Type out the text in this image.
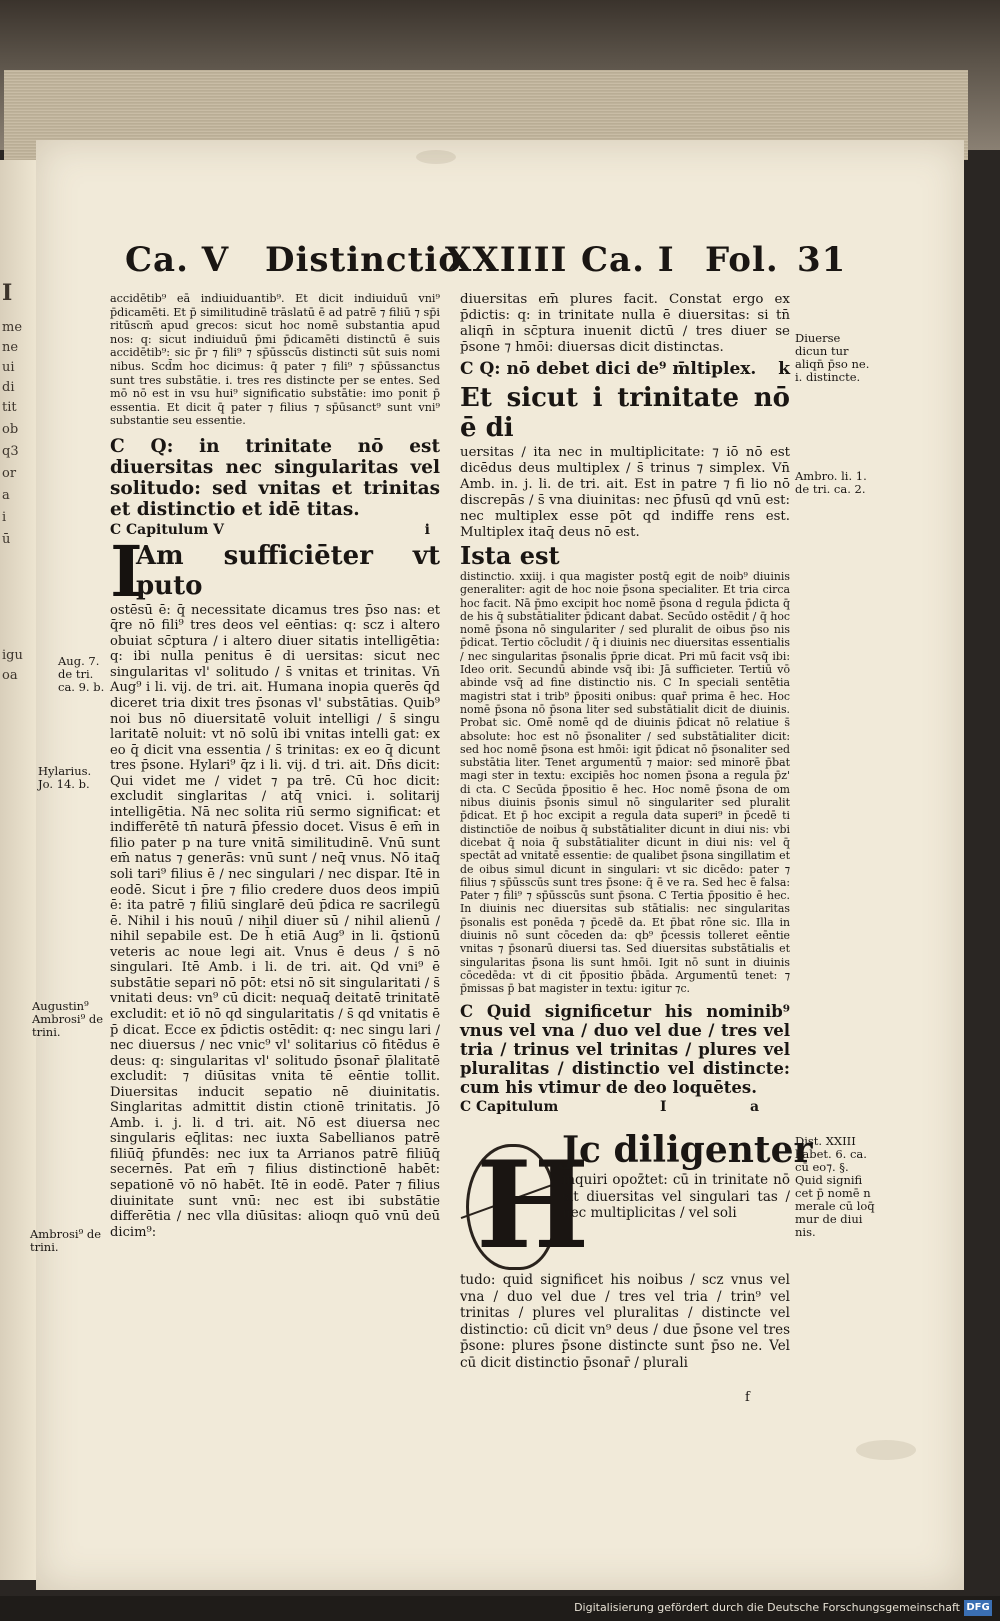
Ca. V Distinctio
XXIIII Ca. I Fol. 31

accidētib⁹ eā indiuiduantib⁹. Et dicit indiuiduū vni⁹ p̄dicamēti. Et p̄ similitudinē trāslatū ē ad patrē ⁊ filiū ⁊ sp̄i ritūscm̄ apud grecos: sicut hoc nomē substantia apud nos: q: sicut indiuiduū p̄mi p̄dicamēti distinctū ē suis accidētib⁹: sic p̄r ⁊ fili⁹ ⁊ sp̄ūsscūs distincti sūt suis nomi nibus. Scd̄m hoc dicimus: q̄ pater ⁊ fili⁹ ⁊ sp̄ūssanctus sunt tres substātie. i. tres res distincte per se entes. Sed mō nō est in vsu hui⁹ significatio substātie: imo ponit p̄ essentia. Et dicit q̄ pater ⁊ filius ⁊ sp̄ūsanct⁹ sunt vni⁹ substantie seu essentie.

C Q: in trinitate nō est diuersitas nec singularitas vel solitudo: sed vnitas et trinitas et distinctio et idē titas.
C Capitulum V	i
I
Am sufficiēter vt puto

ostēsū ē: q̄ necessitate dicamus tres p̄so nas: et q̄re nō fili⁹ tres deos vel eēntias: q: scz i altero obuiat sc̄ptura / i altero diuer sitatis intelligētia: q: ibi nulla penitus ē di uersitas: sicut nec singularitas vl' solitudo / s̄ vnitas et trinitas. Vn̄ Aug⁹ i li. vij. de tri. ait. Humana inopia querēs q̄d diceret tria dixit tres p̄sonas vl' substātias. Quib⁹ noi bus nō diuersitatē voluit intelligi / s̄ singu laritatē noluit: vt nō solū ibi vnitas intelli gat: ex eo q̄ dicit vna essentia / s̄ trinitas: ex eo q̄ dicunt tres p̄sone. Hylari⁹ q̄z i li. vij. d tri. ait. Dn̄s dicit: Qui videt me / videt ⁊ pa trē. Cū hoc dicit: excludit singlaritas / atq̄ vnici. i. solitarij intelligētia. Nā nec solita riū sermo significat: et indifferētē tn̄ naturā p̄fessio docet. Visus ē em̄ in filio pater p na ture vnitā similitudinē. Vnū sunt em̄ natus ⁊ generās: vnū sunt / neq̄ vnus. Nō itaq̄ soli tari⁹ filius ē / nec singulari / nec dispar. Itē in eodē. Sicut i p̄re ⁊ filio credere duos deos impiū ē: ita patrē ⁊ filiū singlarē deū p̄dica re sacrilegū ē. Nihil i his nouū / nihil diuer sū / nihil alienū / nihil sepabile est. De h̄ etiā Aug⁹ in li. q̄stionū veteris ac noue legi ait. Vnus ē deus / s̄ nō singulari. Itē Amb. i li. de tri. ait. Qd vni⁹ ē substātie separi nō pōt: etsi nō sit singularitati / s̄ vnitati deus: vn⁹ cū dicit: nequaq̄ deitatē trinitatē excludit: et iō nō qd singularitatis / s̄ qd vnitatis ē p̄ dicat. Ecce ex p̄dictis ostēdit: q: nec singu lari / nec diuersus / nec vnic⁹ vl' solitarius cō fitēdus ē deus: q: singularitas vl' solitudo p̄sonar̄ p̄lalitatē excludit: ⁊ diūsitas vnita tē eēntie tollit. Diuersitas inducit sepatio nē diuinitatis. Singlaritas admittit distin ctionē trinitatis. Jō Amb. i. j. li. d tri. ait. Nō est diuersa nec singularis eq̄litas: nec iuxta Sabellianos patrē filiūq̄ p̄fundēs: nec iux ta Arrianos patrē filiūq̄ secernēs. Pat em̄ ⁊ filius distinctionē habēt: sepationē vō nō habēt. Itē in eodē. Pater ⁊ filius diuinitate sunt vnū: nec est ibi substātie differētia / nec vlla diūsitas: alioqn quō vnū deū dicim⁹:

Aug. 7. de tri. ca. 9. b.
Hylarius. Jo. 14. b.
Augustin⁹ Ambrosi⁹ de trini.
Ambrosi⁹ de trini.

diuersitas em̄ plures facit. Constat ergo ex p̄dictis: q: in trinitate nulla ē diuersitas: si tn̄ aliqn̄ in sc̄ptura inuenit dictū / tres diuer se p̄sone ⁊ hmōi: diuersas dicit distinctas.

C Q: nō debet dici de⁹ m̄ltiplex. k
Et sicut i trinitate nō ē di

uersitas / ita nec in multiplicitate: ⁊ iō nō est dicēdus deus multiplex / s̄ trinus ⁊ simplex. Vn̄ Amb. in. j. li. de tri. ait. Est in patre ⁊ fi lio nō discrepās / s̄ vna diuinitas: nec p̄fusū qd vnū est: nec multiplex esse pōt qd indiffe rens est. Multiplex itaq̄ deus nō est.

Ista est

distinctio. xxiij. i qua magister postq̄ egit de noib⁹ diuinis generaliter: agit de hoc noie p̄sona specialiter. Et tria circa hoc facit. Nā p̄mo excipit hoc nomē p̄sona d regula p̄dicta q̄ de his q̄ substātialiter p̄dicant dabat. Secūdo ostēdit / q̄ hoc nomē p̄sona nō singulariter / sed pluralit de oibus p̄so nis p̄dicat. Tertio cōcludit / q̄ i diuinis nec diuersitas essentialis / nec singularitas p̄sonalis p̄prie dicat. Pri mū facit vsq̄ ibi: Ideo orit. Secundū abinde vsq̄ ibi: Jā sufficieter. Tertiū vō abinde vsq̄ ad fine distinctio nis. C In speciali sentētia magistri stat i trib⁹ p̄positi onibus: quar̄ prima ē hec. Hoc nomē p̄sona nō p̄sona liter sed substātialit dicit de diuinis. Probat sic. Omē nomē qd de diuinis p̄dicat nō relatiue s̄ absolute: hoc est nō p̄sonaliter / sed substātialiter dicit: sed hoc nomē p̄sona est hmōi: igit p̄dicat nō p̄sonaliter sed substātia liter. Tenet argumentū ⁊ maior: sed minorē p̄bat magi ster in textu: excipiēs hoc nomen p̄sona a regula p̄z' di cta. C Secūda p̄positio ē hec. Hoc nomē p̄sona de om nibus diuinis p̄sonis simul nō singulariter sed pluralit p̄dicat. Et p̄ hoc excipit a regula data superi⁹ in p̄cedē ti distinctiōe de noibus q̄ substātialiter dicunt in diui nis: vbi dicebat q̄ noia q̄ substātialiter dicunt in diui nis: vel q̄ spectāt ad vnitatē essentie: de qualibet p̄sona singillatim et de oibus simul dicunt in singulari: vt sic dicēdo: pater ⁊ filius ⁊ sp̄ūsscūs sunt tres p̄sone: q̄ ē ve ra. Sed hec ē falsa: Pater ⁊ fili⁹ ⁊ sp̄ūsscūs sunt p̄sona. C Tertia p̄positio ē hec. In diuinis nec diuersitas sub stātialis: nec singularitas p̄sonalis est ponēda ⁊ p̄cedē da. Et p̄bat rōne sic. Illa in diuinis nō sunt cōceden da: qb⁹ p̄cessis tolleret eēntie vnitas ⁊ p̄sonarū diuersi tas. Sed diuersitas substātialis et singularitas p̄sona lis sunt hmōi. Igit nō sunt in diuinis cōcedēda: vt di cit p̄positio p̄bāda. Argumentū tenet: ⁊ p̄missas p̄ bat magister in textu: igitur ⁊c.

C Quid significetur his nominib⁹ vnus vel vna / duo vel due / tres vel tria / trinus vel trinitas / plures vel pluralitas / distinctio vel distincte: cum his vtimur de deo loquētes.
C Capitulum	I	a
H
Jc diligenter
inquiri opoz̄tet: cū in trinitate nō sit diuersitas vel singulari tas / nec multiplicitas / vel soli
tudo: quid significet his noibus / scz vnus vel vna / duo vel due / tres vel tria / trin⁹ vel trinitas / plures vel pluralitas / distincte vel distinctio: cū dicit vn⁹ deus / due p̄sone vel tres p̄sone: plures p̄sone distincte sunt p̄so ne. Vel cū dicit distinctio p̄sonar̄ / plurali
f
Diuerse dicun tur aliqn̄ p̄so ne. i. distincte.
Ambro. li. 1. de tri. ca. 2.
Dist. XXIII habet. 6. ca. cū eo⁊. §. Quid signifi cet p̄ nomē n merale cū loq̄ mur de diui nis.
I
me
ne
ui
di
tit
ob
q3
or
a
i
ū
igu
oa
Digitalisierung gefördert durch die Deutsche Forschungsgemeinschaft DFG
